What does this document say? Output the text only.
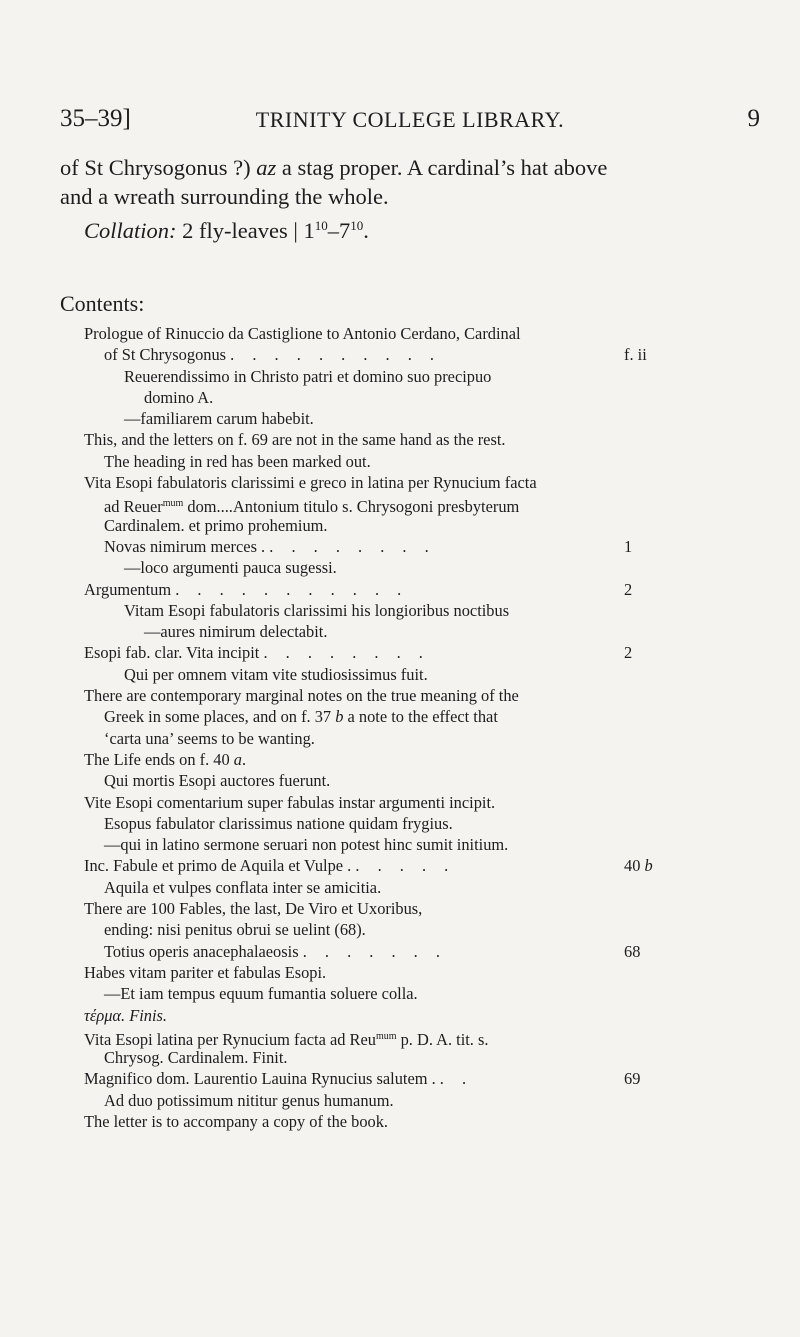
35–39]	TRINITY COLLEGE LIBRARY.	9
of St Chrysogonus ?) az a stag proper. A cardinal’s hat above
and a wreath surrounding the whole.
Collation: 2 fly-leaves | $1^{10}-7^{10}$.
Contents:
Prologue of Rinuccio da Castiglione to Antonio Cerdano, Cardinal
of St Chrysogonus . . . . . . . . . .	f. ii
Reuerendissimo in Christo patri et domino suo precipuo
domino A.
—familiarem carum habebit.
This, and the letters on f. 69 are not in the same hand as the rest.
The heading in red has been marked out.
Vita Esopi fabulatoris clarissimi e greco in latina per Rynucium facta
ad Reuer$^{mum}$ dom....Antonium titulo s. Chrysogoni presbyterum
Cardinalem. et primo prohemium.
Novas nimirum merces . . . . . . . . .	1
—loco argumenti pauca sugessi.
Argumentum . . . . . . . . . . .	2
Vitam Esopi fabulatoris clarissimi his longioribus noctibus
—aures nimirum delectabit.
Esopi fab. clar. Vita incipit . . . . . . . .	2
Qui per omnem vitam vite studiosissimus fuit.
There are contemporary marginal notes on the true meaning of the
Greek in some places, and on f. 37 b a note to the effect that
‘carta una’ seems to be wanting.
The Life ends on f. 40 a.
Qui mortis Esopi auctores fuerunt.
Vite Esopi comentarium super fabulas instar argumenti incipit.
Esopus fabulator clarissimus natione quidam frygius.
—qui in latino sermone seruari non potest hinc sumit initium.
Inc. Fabule et primo de Aquila et Vulpe . . . . . .	40 b
Aquila et vulpes conflata inter se amicitia.
There are 100 Fables, the last, De Viro et Uxoribus,
ending: nisi penitus obrui se uelint (68).
Totius operis anacephalaeosis . . . . . . .	68
Habes vitam pariter et fabulas Esopi.
—Et iam tempus equum fumantia soluere colla.
τέρμα. Finis.
Vita Esopi latina per Rynucium facta ad Reu$^{mum}$ p. D. A. tit. s.
Chrysog. Cardinalem. Finit.
Magnifico dom. Laurentio Lauina Rynucius salutem . . .	69
Ad duo potissimum nititur genus humanum.
The letter is to accompany a copy of the book.
